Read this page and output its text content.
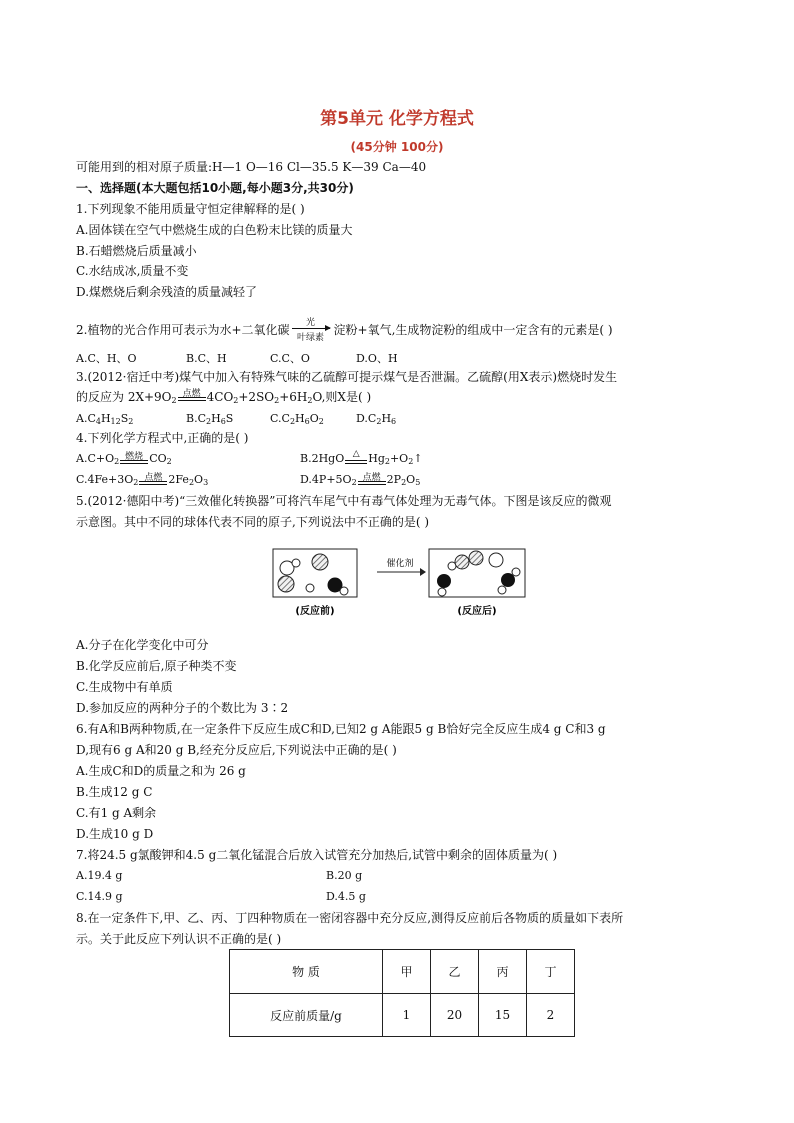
第5单元 化学方程式
(45分钟 100分)
可能用到的相对原子质量:H—1 O—16 Cl—35.5 K—39 Ca—40
一、选择题(本大题包括10小题,每小题3分,共30分)
1.下列现象不能用质量守恒定律解释的是( )
A.固体镁在空气中燃烧生成的白色粉末比镁的质量大
B.石蜡燃烧后质量减小
C.水结成冰,质量不变
D.煤燃烧后剩余残渣的质量减轻了
2.植物的光合作用可表示为水+二氧化碳	光
叶绿素
淀粉+氧气,生成物淀粉的组成中一定含有的元素是( )
A.C、H、O	B.C、H	C.C、O	D.O、H
3.(2012·宿迁中考)煤气中加入有特殊气味的乙硫醇可提示煤气是否泄漏。乙硫醇(用X表示)燃烧时发生
的反应为 $2X+9O_2$
点燃 $4CO_2+2SO_2+6H_2O$,则X是( )
$A.C_4H_{12}S_2$	$B.C_2H_6S$	$C.C_2H_6O_2$	$D.C_2H_6$
4.下列化学方程式中,正确的是( )
$A.C+O_2$ 燃烧 $CO_2$	B.2HgO △ $Hg_2+O_2↑$
$C.4Fe+3O_2$ 点燃 $2Fe_2O_3$	$D.4P+5O_2$ 点燃 $2P_2O_5$
5.(2012·德阳中考)“三效催化转换器”可将汽车尾气中有毒气体处理为无毒气体。下图是该反应的微观
示意图。其中不同的球体代表不同的原子,下列说法中不正确的是( )
催化剂
(反应前)	(反应后)
A.分子在化学变化中可分
B.化学反应前后,原子种类不变
C.生成物中有单质
D.参加反应的两种分子的个数比为 3∶2
6.有A和B两种物质,在一定条件下反应生成C和D,已知2 g A能跟5 g B恰好完全反应生成4 g C和3 g
D,现有6 g A和20 g B,经充分反应后,下列说法中正确的是( )
A.生成C和D的质量之和为 26 g
B.生成12 g C
C.有1 g A剩余
D.生成10 g D
7.将24.5 g氯酸钾和4.5 g二氧化锰混合后放入试管充分加热后,试管中剩余的固体质量为( )
A.19.4 g	B.20 g
C.14.9 g	D.4.5 g
8.在一定条件下,甲、乙、丙、丁四种物质在一密闭容器中充分反应,测得反应前后各物质的质量如下表所
示。关于此反应下列认识不正确的是( )
物 质	甲	乙	丙	丁
反应前质量/g	1	20	15	2
